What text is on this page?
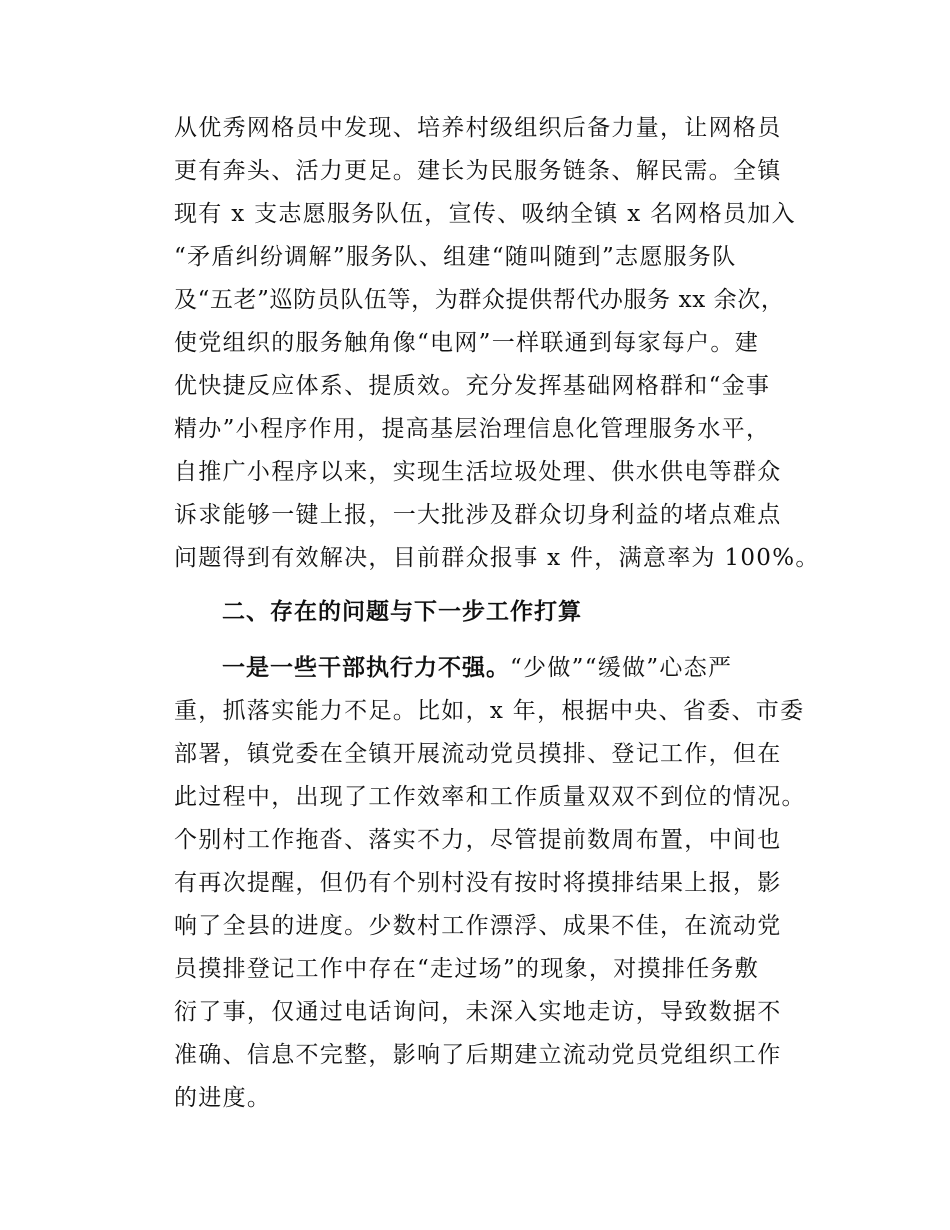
从优秀网格员中发现、培养村级组织后备力量，让网格员
更有奔头、活力更足。建长为民服务链条、解民需。全镇
现有 x 支志愿服务队伍，宣传、吸纳全镇 x 名网格员加入
“矛盾纠纷调解”服务队、组建“随叫随到”志愿服务队
及“五老”巡防员队伍等，为群众提供帮代办服务 xx 余次，
使党组织的服务触角像“电网”一样联通到每家每户。建
优快捷反应体系、提质效。充分发挥基础网格群和“金事
精办”小程序作用，提高基层治理信息化管理服务水平，
自推广小程序以来，实现生活垃圾处理、供水供电等群众
诉求能够一键上报，一大批涉及群众切身利益的堵点难点
问题得到有效解决，目前群众报事 x 件，满意率为 100%。
二、存在的问题与下一步工作打算
一是一些干部执行力不强。“少做”“缓做”心态严
重，抓落实能力不足。比如，x 年，根据中央、省委、市委
部署，镇党委在全镇开展流动党员摸排、登记工作，但在
此过程中，出现了工作效率和工作质量双双不到位的情况。
个别村工作拖沓、落实不力，尽管提前数周布置，中间也
有再次提醒，但仍有个别村没有按时将摸排结果上报，影
响了全县的进度。少数村工作漂浮、成果不佳，在流动党
员摸排登记工作中存在“走过场”的现象，对摸排任务敷
衍了事，仅通过电话询问，未深入实地走访，导致数据不
准确、信息不完整，影响了后期建立流动党员党组织工作
的进度。
